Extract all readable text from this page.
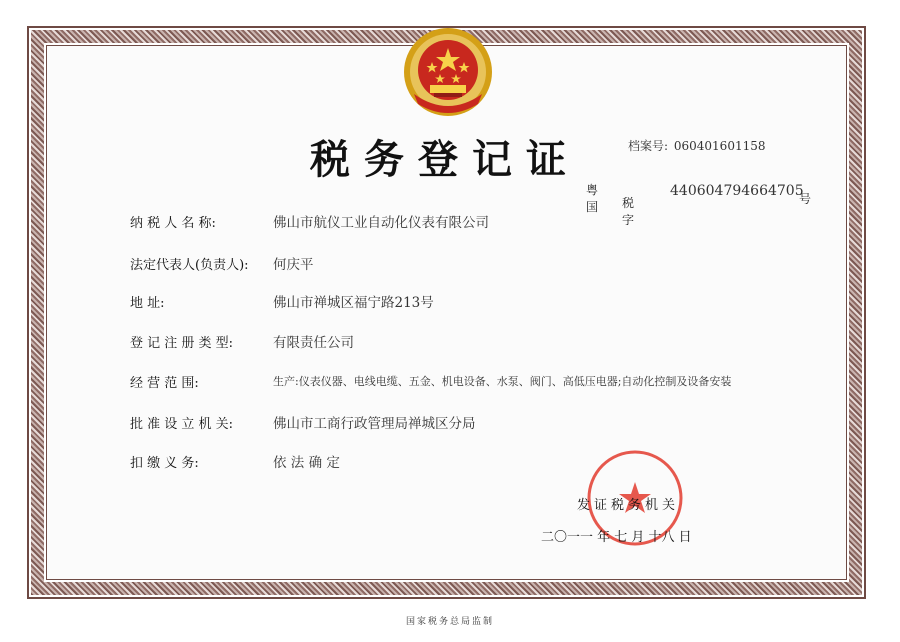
税务登记证	档案号: 060401601158
粤国 税字
440604794664705
号
纳 税 人 名 称:	佛山市航仪工业自动化仪表有限公司
法定代表人(负责人): 何庆平
地 址:	佛山市禅城区福宁路213号
登 记 注 册 类 型:	有限责任公司
经 营 范 围:	生产:仪表仪器、电线电缆、五金、机电设备、水泵、阀门、高低压电器;自动化控制及设备安装
批 准 设 立 机 关:	佛山市工商行政管理局禅城区分局
扣 缴 义 务:	依 法 确 定
发证税务机关
二〇一一 年 七 月 十八 日
国家税务总局监制
